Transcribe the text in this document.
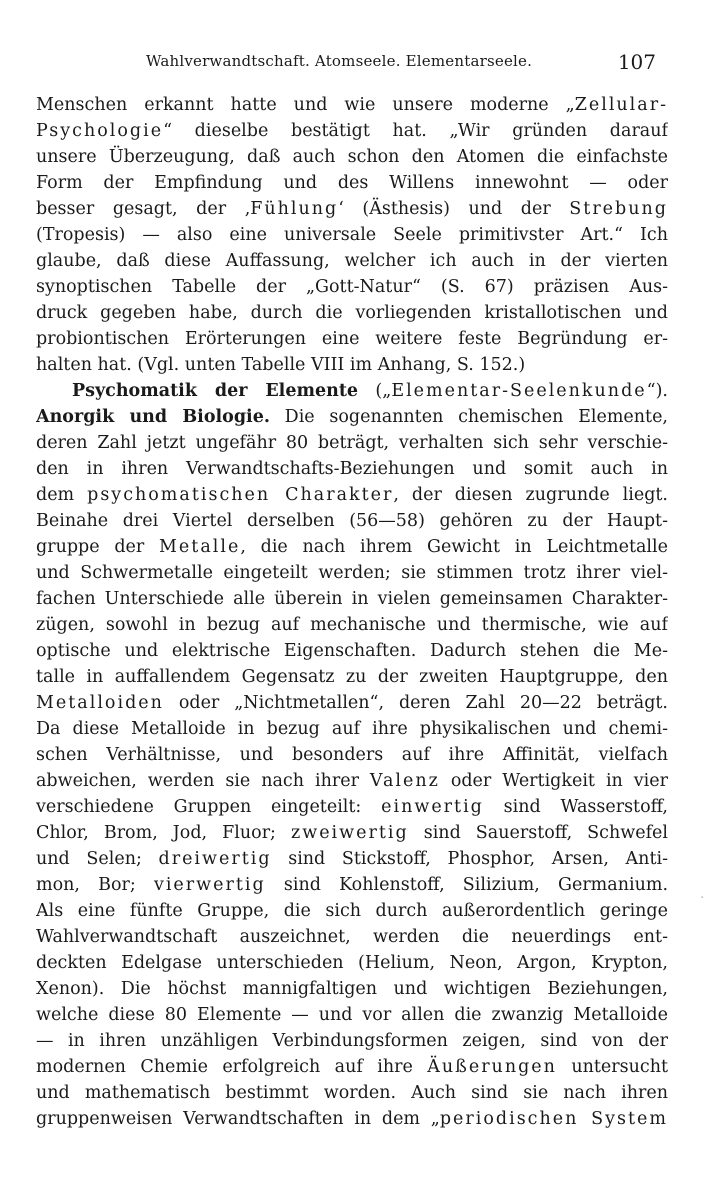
Wahlverwandtschaft. Atomseele. Elementarseele.	107
Menschen erkannt hatte und wie unsere moderne „Zellular-
Psychologie“ dieselbe bestätigt hat. „Wir gründen darauf
unsere Überzeugung, daß auch schon den Atomen die einfachste
Form der Empfindung und des Willens innewohnt — oder
besser gesagt, der ‚Fühlung‘ (Ästhesis) und der Strebung
(Tropesis) — also eine universale Seele primitivster Art.“ Ich
glaube, daß diese Auffassung, welcher ich auch in der vierten
synoptischen Tabelle der „Gott-Natur“ (S. 67) präzisen Aus-
druck gegeben habe, durch die vorliegenden kristallotischen und
probiontischen Erörterungen eine weitere feste Begründung er-
halten hat. (Vgl. unten Tabelle VIII im Anhang, S. 152.)
Psychomatik der Elemente („Elementar-Seelenkunde“).
Anorgik und Biologie. Die sogenannten chemischen Elemente,
deren Zahl jetzt ungefähr 80 beträgt, verhalten sich sehr verschie-
den in ihren Verwandtschafts-Beziehungen und somit auch in
dem psychomatischen Charakter, der diesen zugrunde liegt.
Beinahe drei Viertel derselben (56—58) gehören zu der Haupt-
gruppe der Metalle, die nach ihrem Gewicht in Leichtmetalle
und Schwermetalle eingeteilt werden; sie stimmen trotz ihrer viel-
fachen Unterschiede alle überein in vielen gemeinsamen Charakter-
zügen, sowohl in bezug auf mechanische und thermische, wie auf
optische und elektrische Eigenschaften. Dadurch stehen die Me-
talle in auffallendem Gegensatz zu der zweiten Hauptgruppe, den
Metalloiden oder „Nichtmetallen“, deren Zahl 20—22 beträgt.
Da diese Metalloide in bezug auf ihre physikalischen und chemi-
schen Verhältnisse, und besonders auf ihre Affinität, vielfach
abweichen, werden sie nach ihrer Valenz oder Wertigkeit in vier
verschiedene Gruppen eingeteilt: einwertig sind Wasserstoff,
Chlor, Brom, Jod, Fluor; zweiwertig sind Sauerstoff, Schwefel
und Selen; dreiwertig sind Stickstoff, Phosphor, Arsen, Anti-
mon, Bor; vierwertig sind Kohlenstoff, Silizium, Germanium.
Als eine fünfte Gruppe, die sich durch außerordentlich geringe
Wahlverwandtschaft auszeichnet, werden die neuerdings ent-
deckten Edelgase unterschieden (Helium, Neon, Argon, Krypton,
Xenon). Die höchst mannigfaltigen und wichtigen Beziehungen,
welche diese 80 Elemente — und vor allen die zwanzig Metalloide
— in ihren unzähligen Verbindungsformen zeigen, sind von der
modernen Chemie erfolgreich auf ihre Äußerungen untersucht
und mathematisch bestimmt worden. Auch sind sie nach ihren
gruppenweisen Verwandtschaften in dem „periodischen System
·
